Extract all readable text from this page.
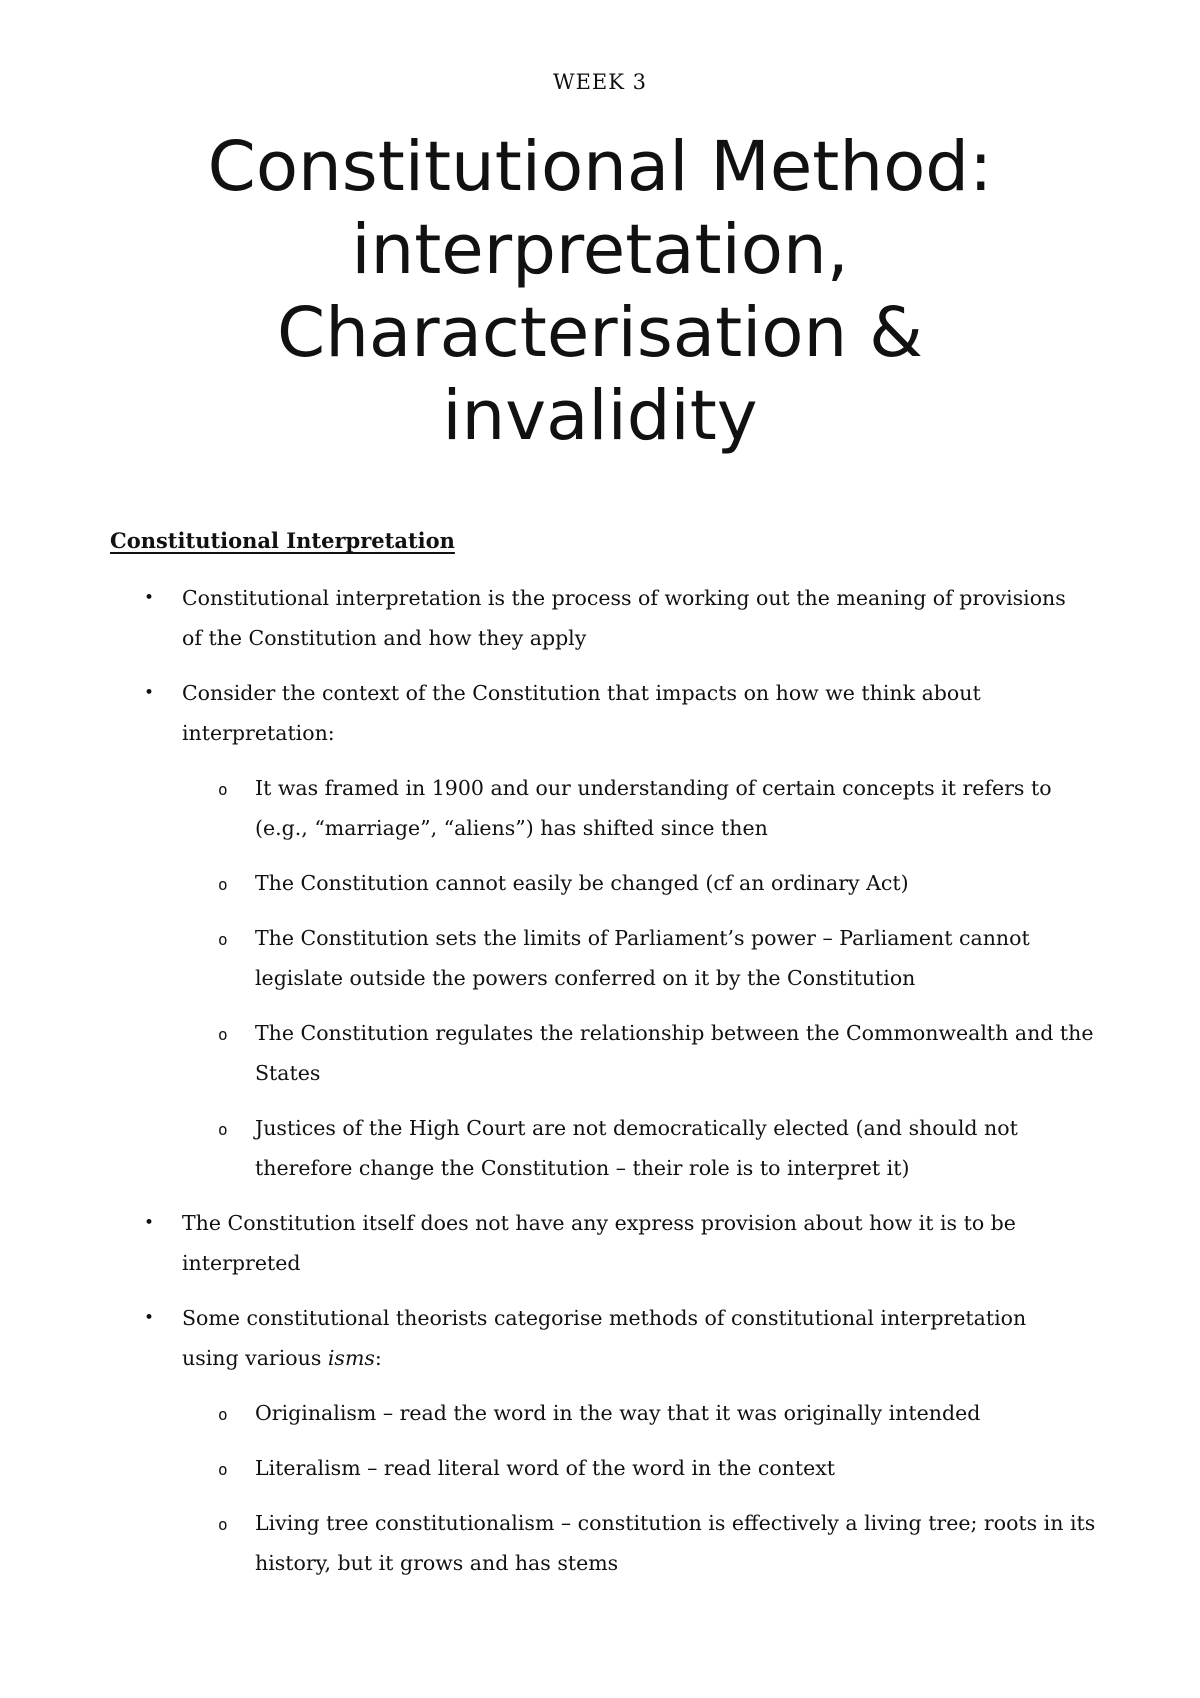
WEEK 3
Constitutional Method:
interpretation,
Characterisation &
invalidity
Constitutional Interpretation
• Constitutional interpretation is the process of working out the meaning of provisions of the Constitution and how they apply
• Consider the context of the Constitution that impacts on how we think about interpretation:
o It was framed in 1900 and our understanding of certain concepts it refers to (e.g., “marriage”, “aliens”) has shifted since then
o The Constitution cannot easily be changed (cf an ordinary Act)
o The Constitution sets the limits of Parliament’s power – Parliament cannot legislate outside the powers conferred on it by the Constitution
o The Constitution regulates the relationship between the Commonwealth and the States
o Justices of the High Court are not democratically elected (and should not therefore change the Constitution – their role is to interpret it)
• The Constitution itself does not have any express provision about how it is to be interpreted
• Some constitutional theorists categorise methods of constitutional interpretation using various isms:
o Originalism – read the word in the way that it was originally intended
o Literalism – read literal word of the word in the context
o Living tree constitutionalism – constitution is effectively a living tree; roots in its history, but it grows and has stems
